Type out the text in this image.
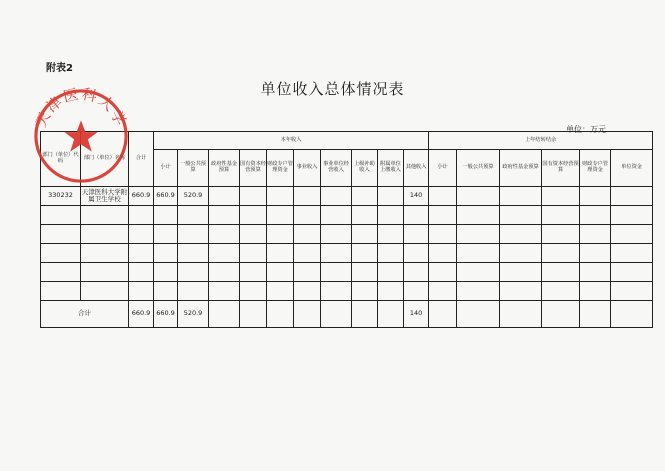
附表2
单位收入总体情况表
单位：万元
部门（单位）代码	部门（单位）名称	合计	本年收入										上年结转结余					
			小计	一般公共预算	政府性基金预算	国有资本经营预算	财政专户管理资金	事业收入	事业单位经营收入	上级补助收入	附属单位上缴收入	其他收入	小计	一般公共预算	政府性基金预算	国有资本经营预算	财政专户管理资金	单位资金
330232	天津医科大学附属卫生学校	660.9	660.9	520.9								140						

合计		660.9	660.9	520.9								140						
天津医科大学
